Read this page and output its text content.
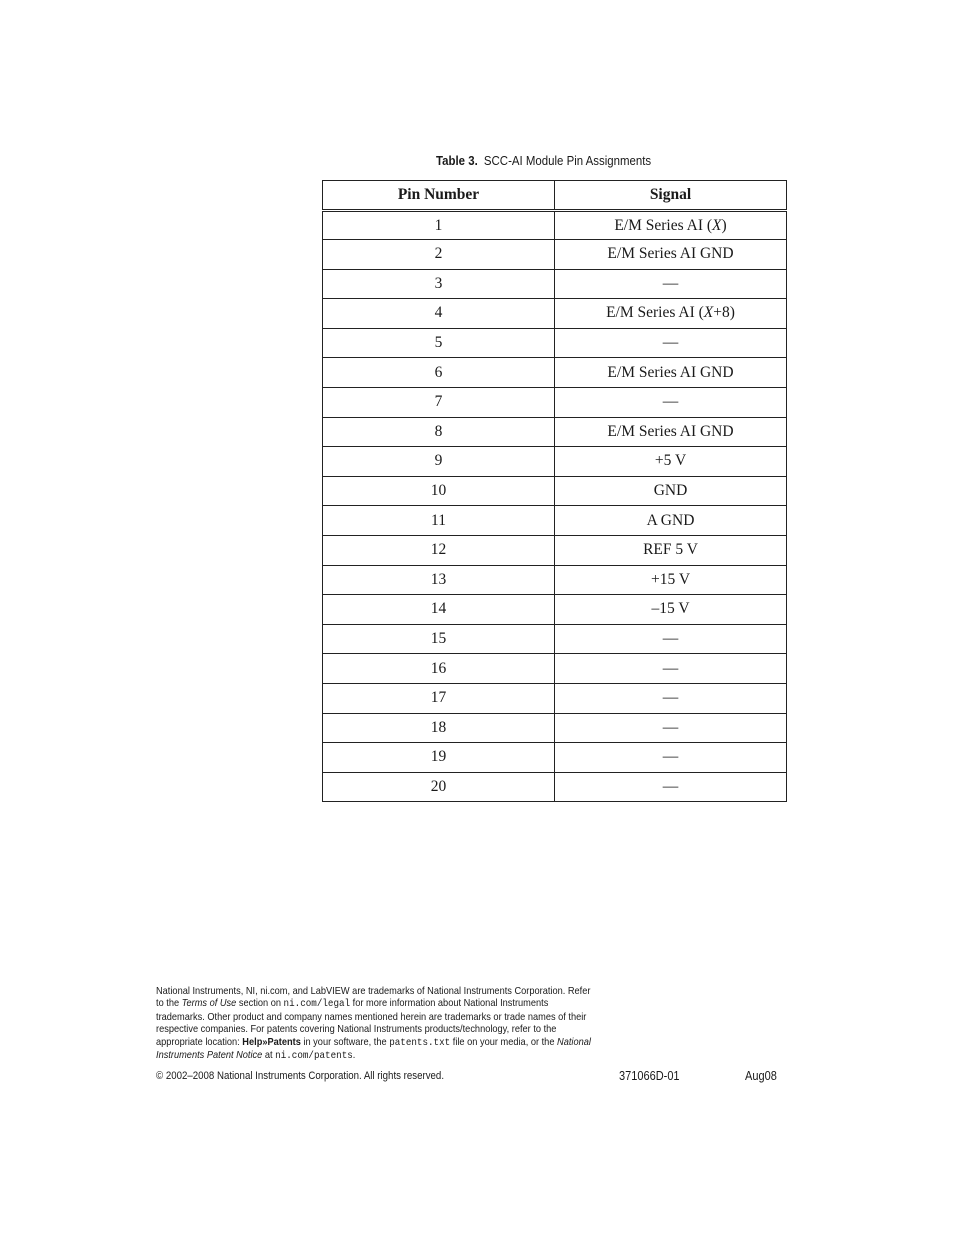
Table 3. SCC-AI Module Pin Assignments
Pin Number	Signal
1	E/M Series AI (X)
2	E/M Series AI GND
3	—
4	E/M Series AI (X+8)
5	—
6	E/M Series AI GND
7	—
8	E/M Series AI GND
9	+5 V
10	GND
11	A GND
12	REF 5 V
13	+15 V
14	–15 V
15	—
16	—
17	—
18	—
19	—
20	—
National Instruments, NI, ni.com, and LabVIEW are trademarks of National Instruments Corporation. Refer to the Terms of Use section on ni.com/legal for more information about National Instruments trademarks. Other product and company names mentioned herein are trademarks or trade names of their respective companies. For patents covering National Instruments products/technology, refer to the appropriate location: Help»Patents in your software, the patents.txt file on your media, or the National Instruments Patent Notice at ni.com/patents.
© 2002–2008 National Instruments Corporation. All rights reserved.	371066D-01	Aug08
